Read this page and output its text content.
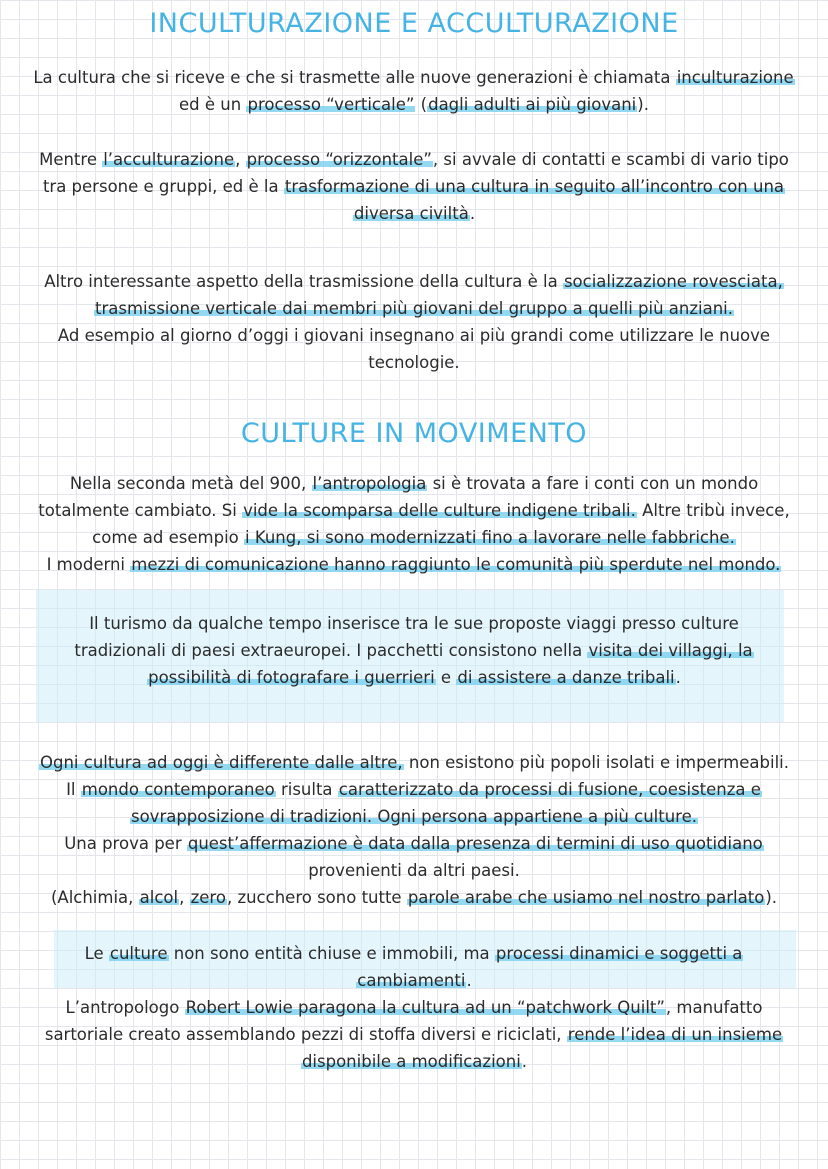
INCULTURAZIONE E ACCULTURAZIONE
La cultura che si riceve e che si trasmette alle nuove generazioni è chiamata inculturazione
ed è un processo “verticale” (dagli adulti ai più giovani).
Mentre l’acculturazione, processo “orizzontale”, si avvale di contatti e scambi di vario tipo
tra persone e gruppi, ed è la trasformazione di una cultura in seguito all’incontro con una
diversa civiltà.
Altro interessante aspetto della trasmissione della cultura è la socializzazione rovesciata,
trasmissione verticale dai membri più giovani del gruppo a quelli più anziani.
Ad esempio al giorno d’oggi i giovani insegnano ai più grandi come utilizzare le nuove
tecnologie.
CULTURE IN MOVIMENTO
Nella seconda metà del 900, l’antropologia si è trovata a fare i conti con un mondo
totalmente cambiato. Si vide la scomparsa delle culture indigene tribali. Altre tribù invece,
come ad esempio i Kung, si sono modernizzati fino a lavorare nelle fabbriche.
I moderni mezzi di comunicazione hanno raggiunto le comunità più sperdute nel mondo.
Il turismo da qualche tempo inserisce tra le sue proposte viaggi presso culture
tradizionali di paesi extraeuropei. I pacchetti consistono nella visita dei villaggi, la
possibilità di fotografare i guerrieri e di assistere a danze tribali.
Ogni cultura ad oggi è differente dalle altre, non esistono più popoli isolati e impermeabili.
Il mondo contemporaneo risulta caratterizzato da processi di fusione, coesistenza e
sovrapposizione di tradizioni. Ogni persona appartiene a più culture.
Una prova per quest’affermazione è data dalla presenza di termini di uso quotidiano
provenienti da altri paesi.
(Alchimia, alcol, zero, zucchero sono tutte parole arabe che usiamo nel nostro parlato).
Le culture non sono entità chiuse e immobili, ma processi dinamici e soggetti a
cambiamenti.
L’antropologo Robert Lowie paragona la cultura ad un “patchwork Quilt”, manufatto
sartoriale creato assemblando pezzi di stoffa diversi e riciclati, rende l’idea di un insieme
disponibile a modificazioni.
